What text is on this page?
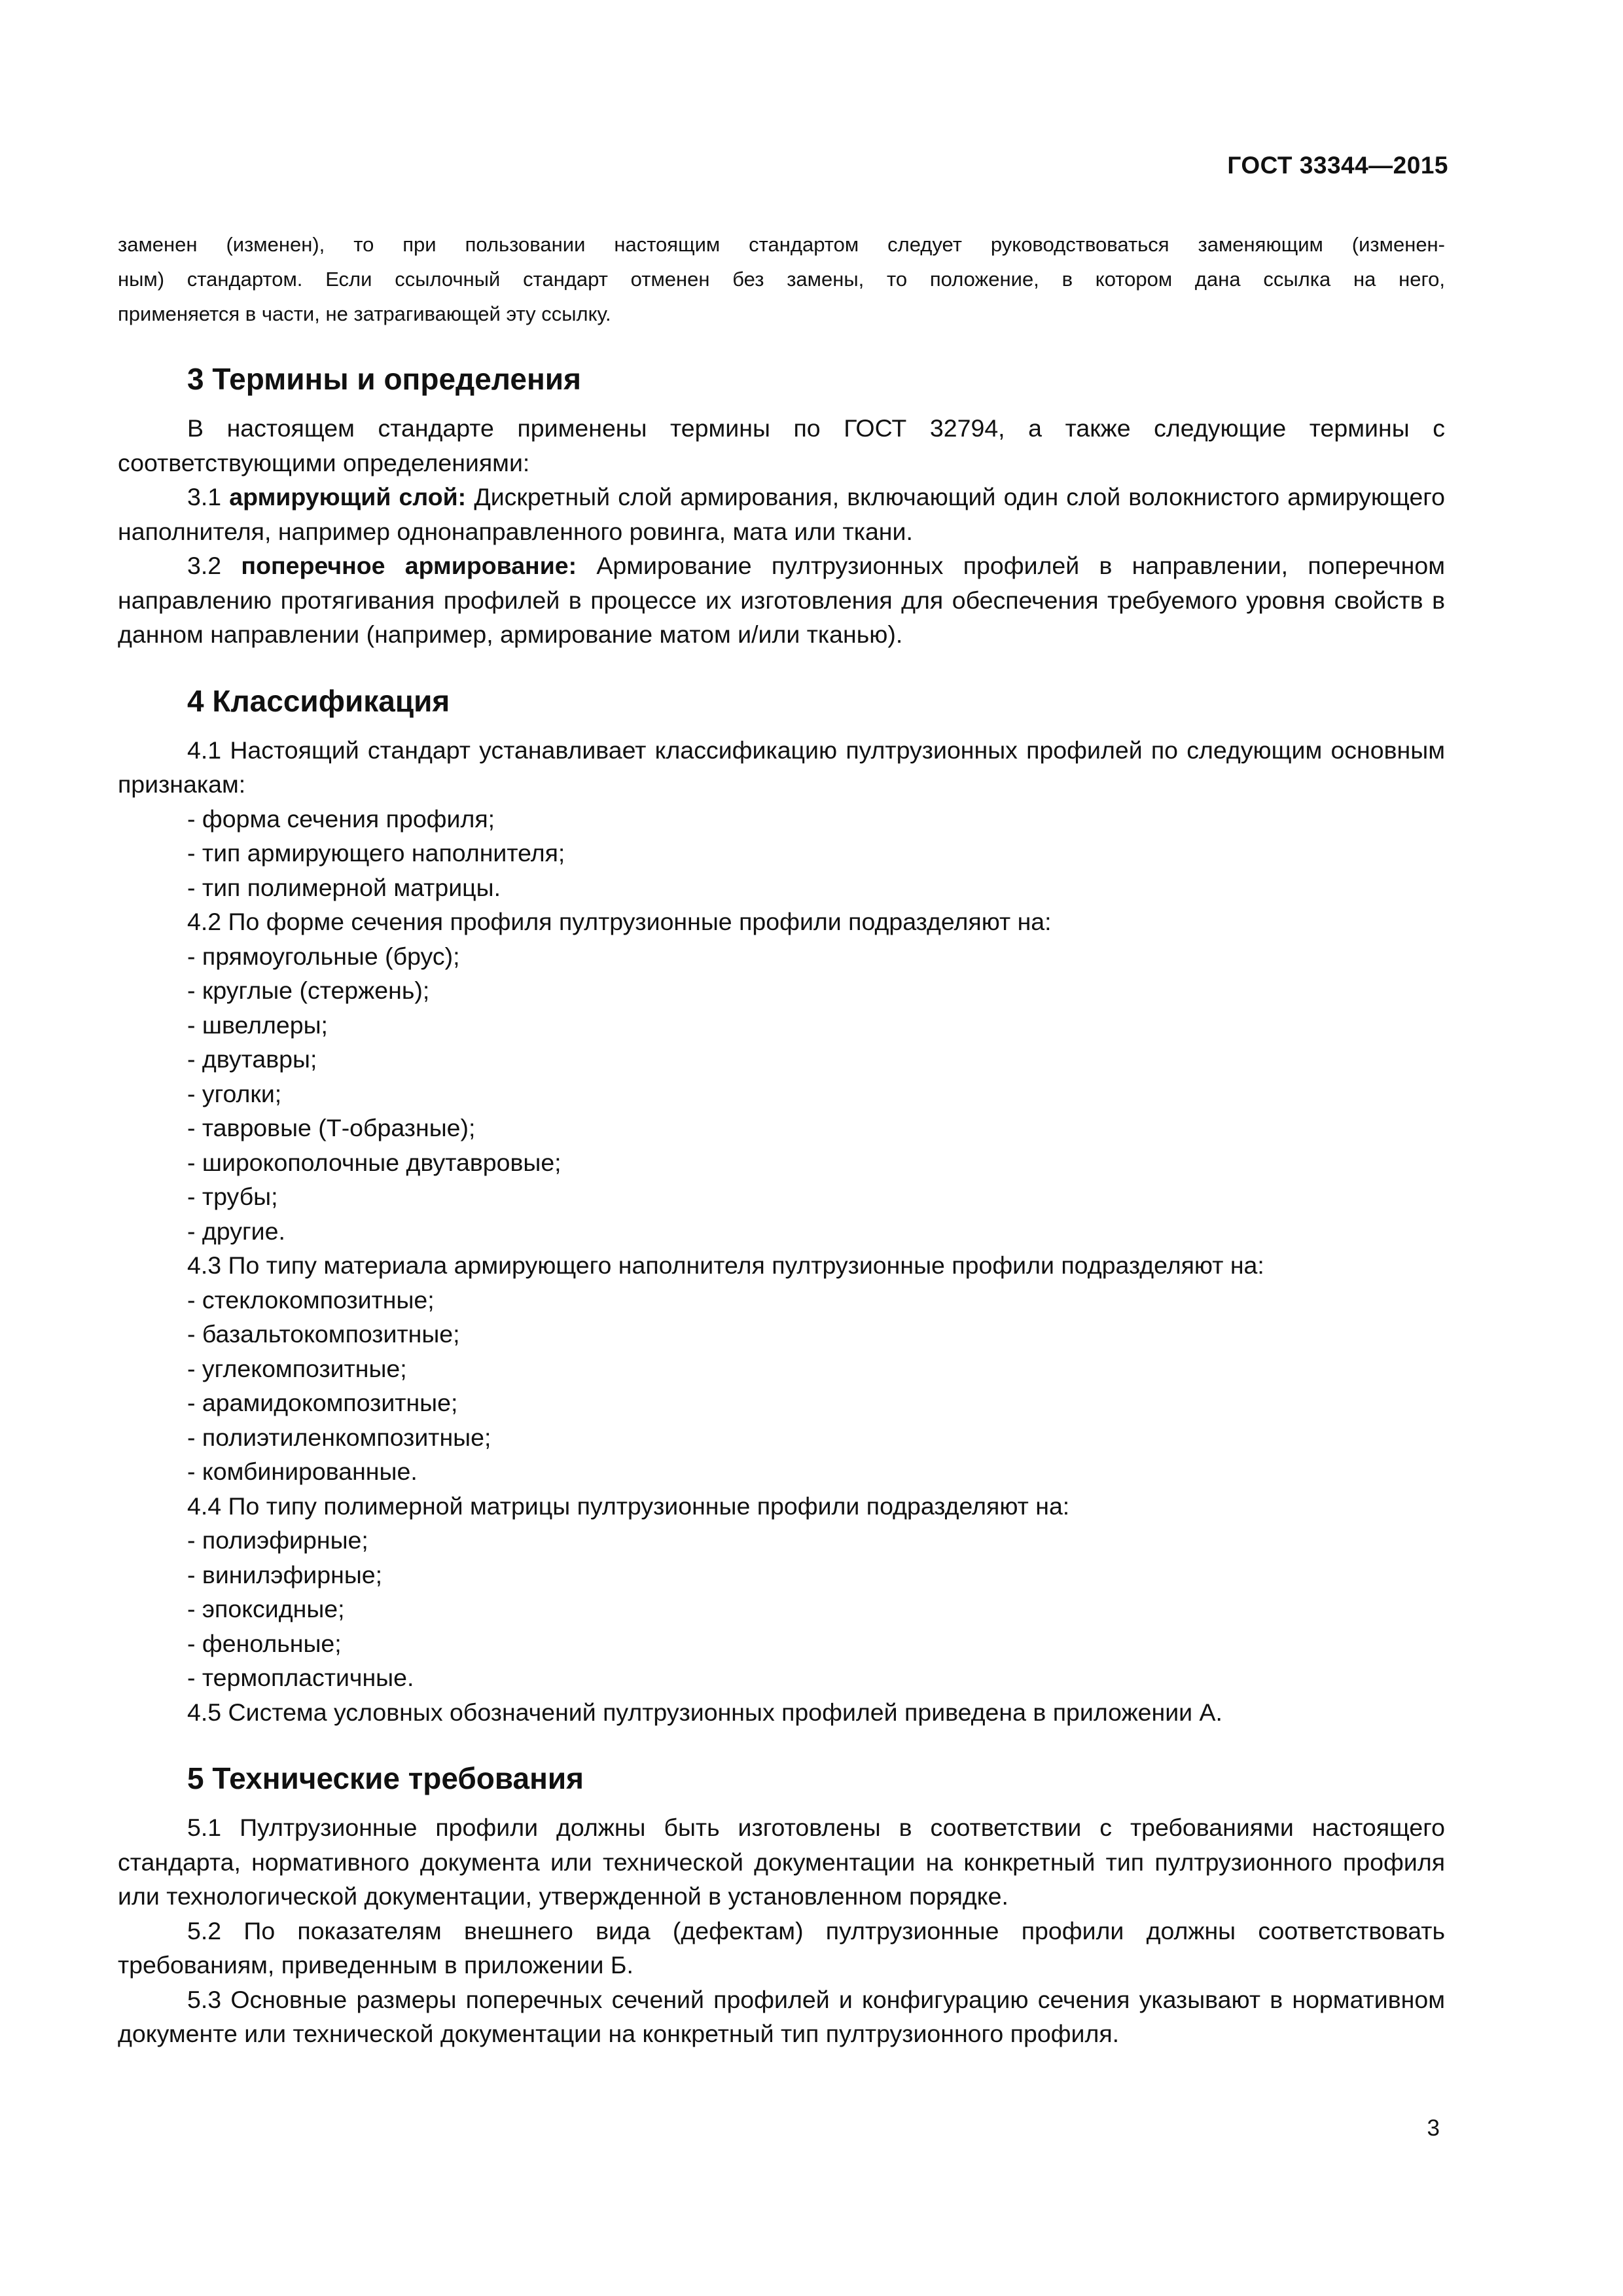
ГОСТ 33344—2015

заменен (изменен), то при пользовании настоящим стандартом следует руководствоваться заменяющим (изменен-

ным) стандартом. Если ссылочный стандарт отменен без замены, то положение, в котором дана ссылка на него,

применяется в части, не затрагивающей эту ссылку.

3 Термины и определения

В настоящем стандарте применены термины по ГОСТ 32794, а также следующие термины с соответствующими определениями:

3.1 армирующий слой: Дискретный слой армирования, включающий один слой волокнистого армирующего наполнителя, например однонаправленного ровинга, мата или ткани.

3.2 поперечное армирование: Армирование пултрузионных профилей в направлении, поперечном направлению протягивания профилей в процессе их изготовления для обеспечения требуемого уровня свойств в данном направлении (например, армирование матом и/или тканью).

4 Классификация

4.1 Настоящий стандарт устанавливает классификацию пултрузионных профилей по следующим основным признакам:

- форма сечения профиля;

- тип армирующего наполнителя;

- тип полимерной матрицы.

4.2 По форме сечения профиля пултрузионные профили подразделяют на:

- прямоугольные (брус);

- круглые (стержень);

- швеллеры;

- двутавры;

- уголки;

- тавровые (Т-образные);

- широкополочные двутавровые;

- трубы;

- другие.

4.3 По типу материала армирующего наполнителя пултрузионные профили подразделяют на:

- стеклокомпозитные;

- базальтокомпозитные;

- углекомпозитные;

- арамидокомпозитные;

- полиэтиленкомпозитные;

- комбинированные.

4.4 По типу полимерной матрицы пултрузионные профили подразделяют на:

- полиэфирные;

- винилэфирные;

- эпоксидные;

- фенольные;

- термопластичные.

4.5 Система условных обозначений пултрузионных профилей приведена в приложении А.

5 Технические требования

5.1 Пултрузионные профили должны быть изготовлены в соответствии с требованиями настоящего стандарта, нормативного документа или технической документации на конкретный тип пултрузионного профиля или технологической документации, утвержденной в установленном порядке.

5.2 По показателям внешнего вида (дефектам) пултрузионные профили должны соответствовать требованиям, приведенным в приложении Б.

5.3 Основные размеры поперечных сечений профилей и конфигурацию сечения указывают в нормативном документе или технической документации на конкретный тип пултрузионного профиля.

3
